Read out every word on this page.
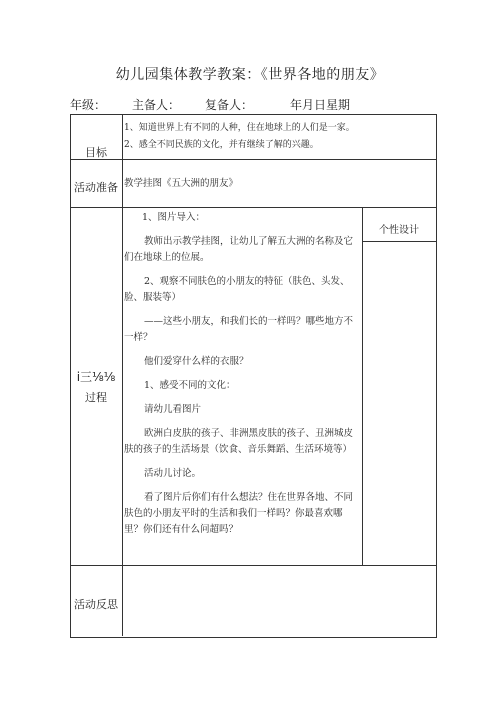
幼儿园集体教学教案：《世界各地的朋友》
年级： 主备人： 复备人：	年月日星期
目标
活动准备
i三⅛⅛
过程
活动反思
1、知道世界上有不同的人种，住在地球上的人们是一家。
2、感全不同民族的文化，并有继续了解的兴趣。
教学挂图《五大洲的朋友》
个性设计

1、图片导入：

教师出示教学挂图，让幼儿了解五大洲的名称及它们在地球上的位展。

2、观察不同肤色的小朋友的特征（肤色、头发、脸、服装等）

——这些小朋友，和我们长的一样吗？哪些地方不一样？

他们爱穿什么样的衣服？

1、感受不同的文化：

请幼儿看图片

欧洲白皮肤的孩子、非洲黑皮肤的孩子、丑洲城皮肤的孩子的生活场景（饮食、音乐舞蹈、生活环境等）

活动儿讨论。

看了图片后你们有什么想法？住在世界各地、不同肤色的小朋友平时的生活和我们一样吗？你最喜欢哪里？你们还有什么问超吗？
